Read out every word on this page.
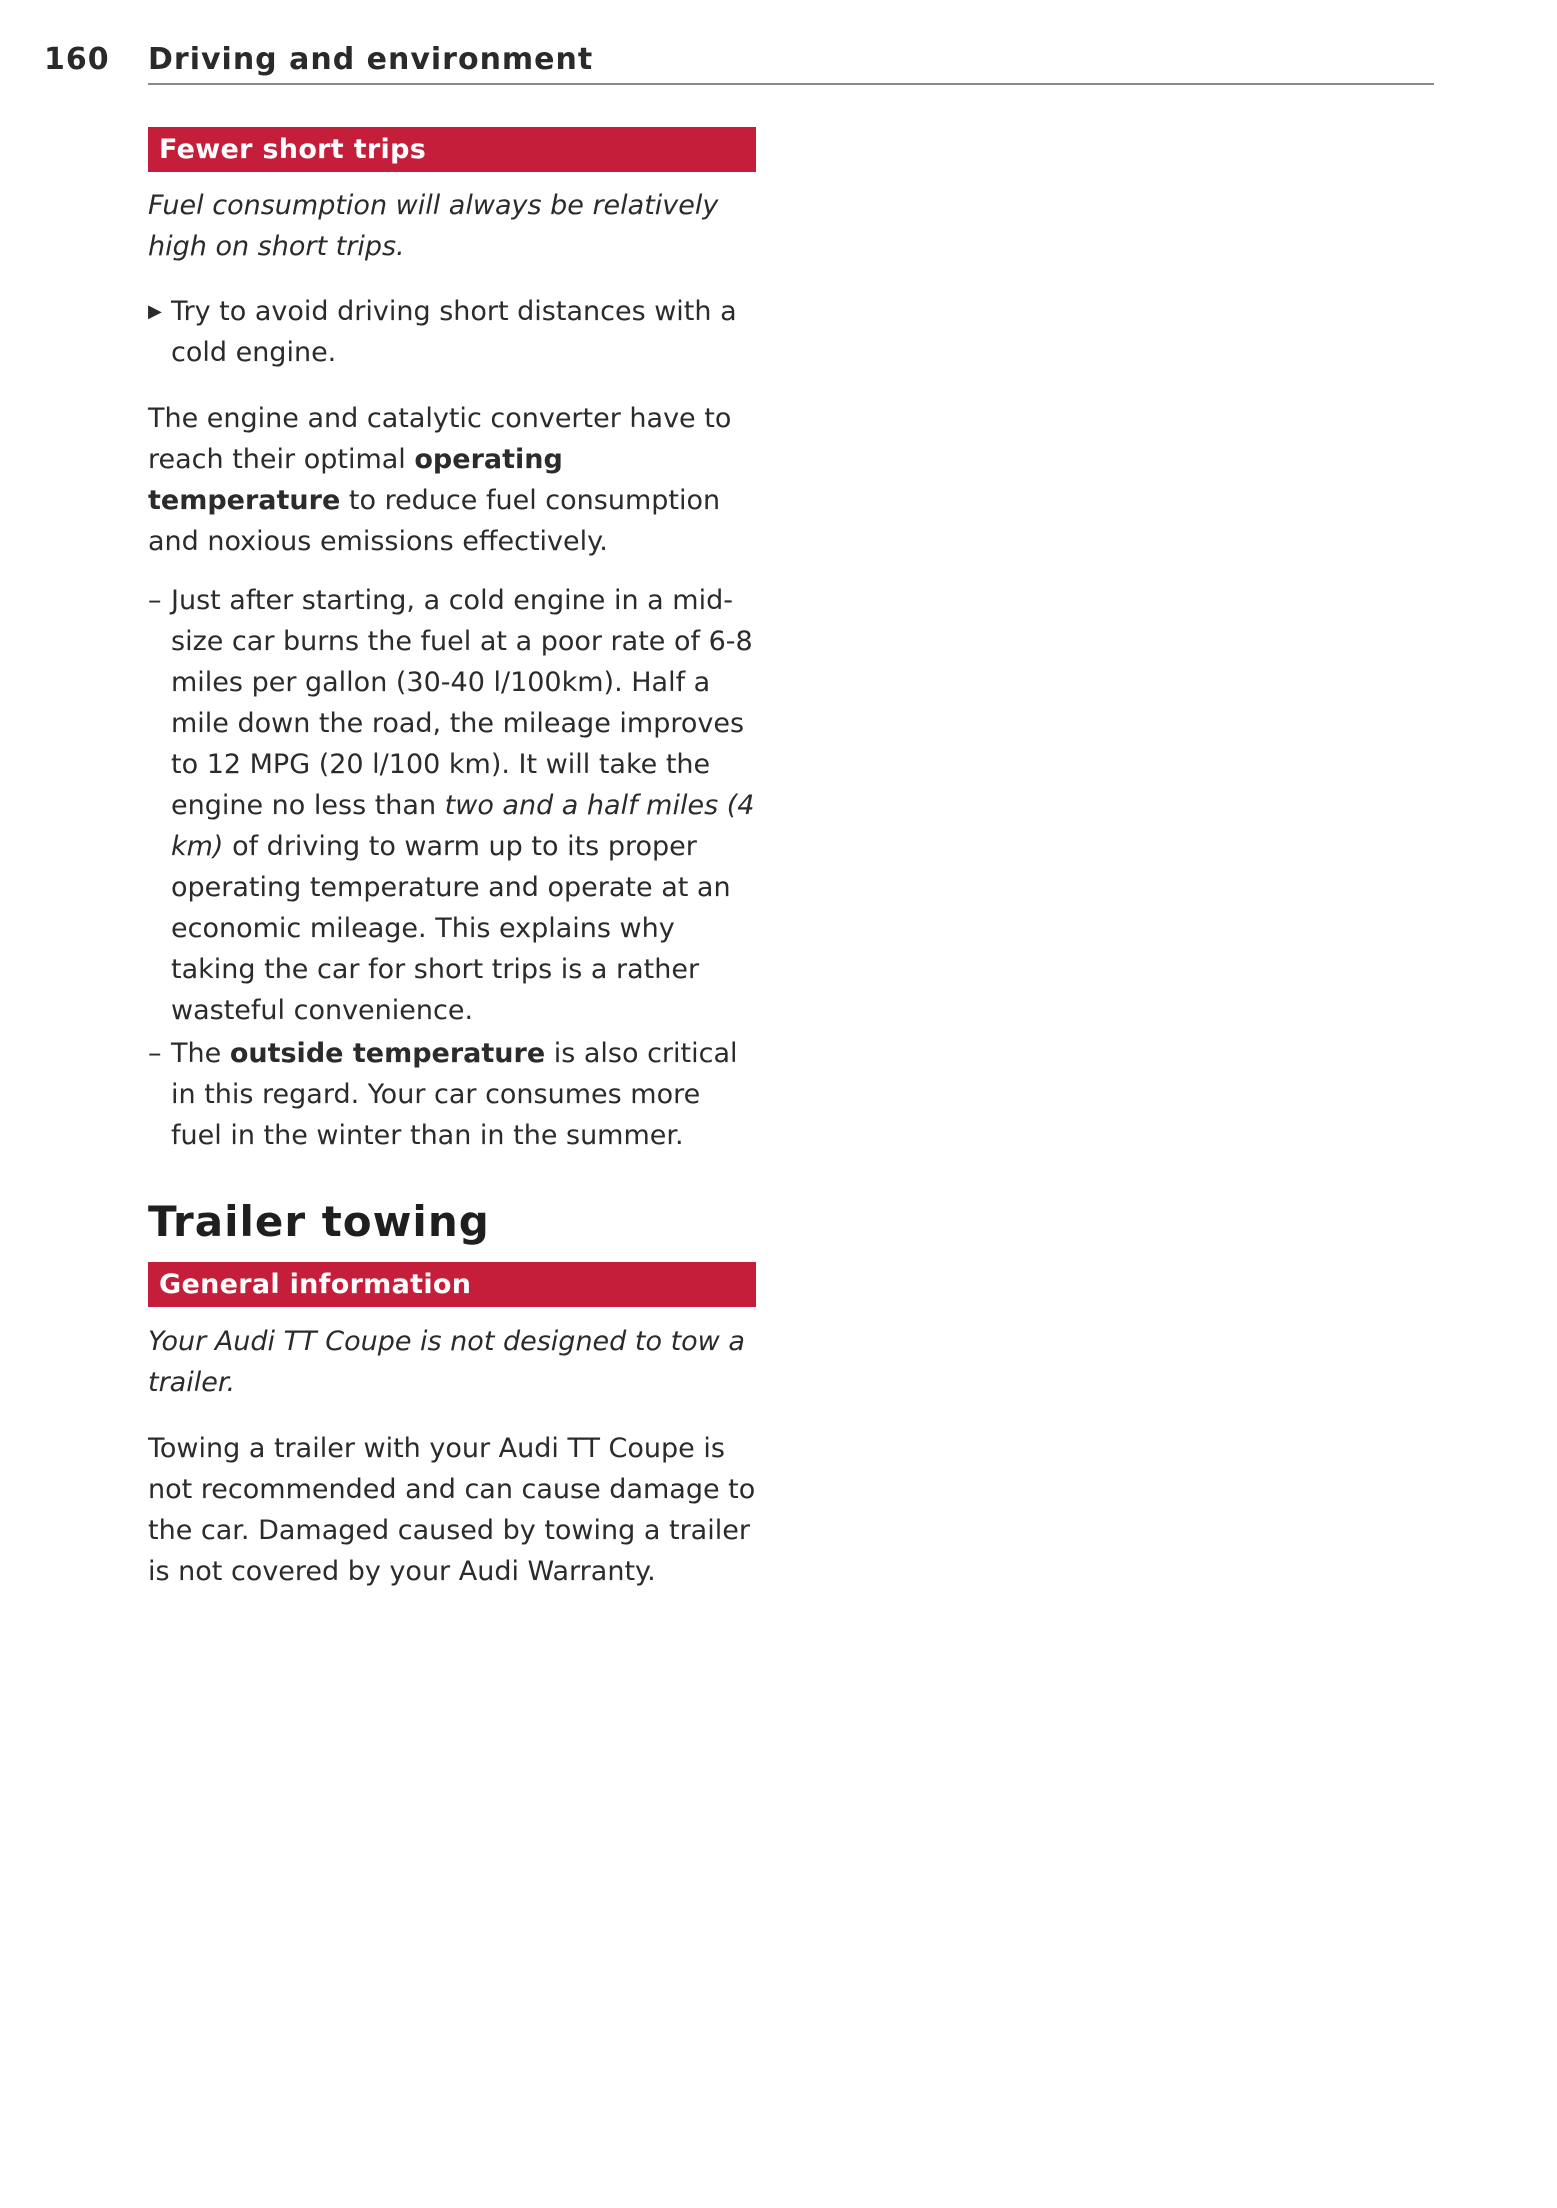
160 Driving and environment
Fewer short trips

Fuel consumption will always be relatively high on short trips.

▶ Try to avoid driving short distances with a cold engine.

The engine and catalytic converter have to reach their optimal operating temperature to reduce fuel consumption and noxious emissions effectively.

– Just after starting, a cold engine in a mid-size car burns the fuel at a poor rate of 6-8 miles per gallon (30-40 l/100km). Half a mile down the road, the mileage improves to 12 MPG (20 l/100 km). It will take the engine no less than two and a half miles (4 km) of driving to warm up to its proper operating temperature and operate at an economic mileage. This explains why taking the car for short trips is a rather wasteful convenience.
– The outside temperature is also critical in this regard. Your car consumes more fuel in the winter than in the summer.
Trailer towing
General information

Your Audi TT Coupe is not designed to tow a trailer.

Towing a trailer with your Audi TT Coupe is not recommended and can cause damage to the car. Damaged caused by towing a trailer is not covered by your Audi Warranty.
